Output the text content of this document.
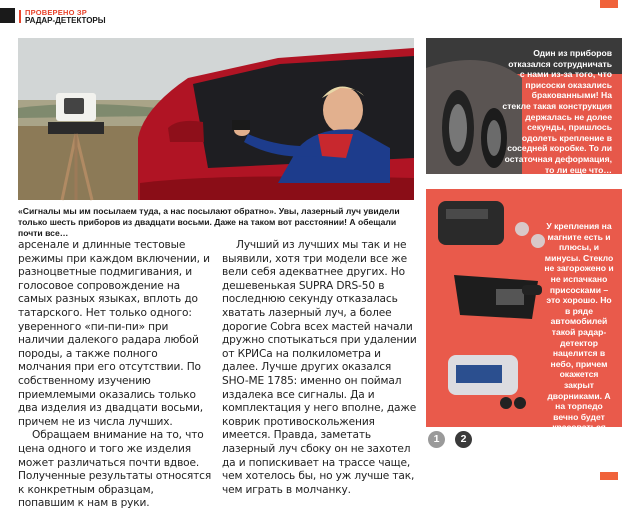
ПРОВЕРЕНО ЗР
РАДАР-ДЕТЕКТОРЫ
«Сигналы мы им посылаем туда, а нас посылают обратно». Увы, лазерный луч увидели только шесть приборов из двадцати восьми. Даже на таком вот расстоянии! А обещали почти все…

арсенале и длинные тестовые режимы при каждом включении, и разноцветные подмигивания, и голосовое сопровождение на самых разных языках, вплоть до татарского. Нет только одного: уверенного «пи-пи-пи» при наличии далекого радара любой породы, а также полного молчания при его отсутствии. По собственному изучению приемлемыми оказались только два изделия из двадцати восьми, причем не из числа лучших.

Обращаем внимание на то, что цена одного и того же изделия может различаться почти вдвое. Полученные результаты относятся к конкретным образцам, попавшим к нам в руки.

Лучший из лучших мы так и не выявили, хотя три модели все же вели себя адекватнее других. Но дешевенькая SUPRA DRS-50 в последнюю секунду отказалась хватать лазерный луч, а более дорогие Cobra всех мастей начали дружно спотыкаться при удалении от КРИСа на полкилометра и далее. Лучше других оказался SHO-ME 1785: именно он поймал издалека все сигналы. Да и комплектация у него вполне, даже коврик противоскольжения имеется. Правда, заметать лазерный луч сбоку он не захотел да и попискивает на трассе чаще, чем хотелось бы, но уж лучше так, чем играть в молчанку.

Один из приборов отказался сотрудничать с нами из-за того, что присоски оказались бракованными! На стекле такая конструкция держалась не долее секунды, пришлось одолеть крепление в соседней коробке. То ли остаточная деформация, то ли еще что…
У крепления на магните есть и плюсы, и минусы. Стекло не загорожено и не испачкано присосками – это хорошо. Но в ряде автомобилей такой радар-детектор нацелится в небо, причем окажется закрыт дворниками. А на торпедо вечно будет красоваться приклеенный магнит.
1	2
